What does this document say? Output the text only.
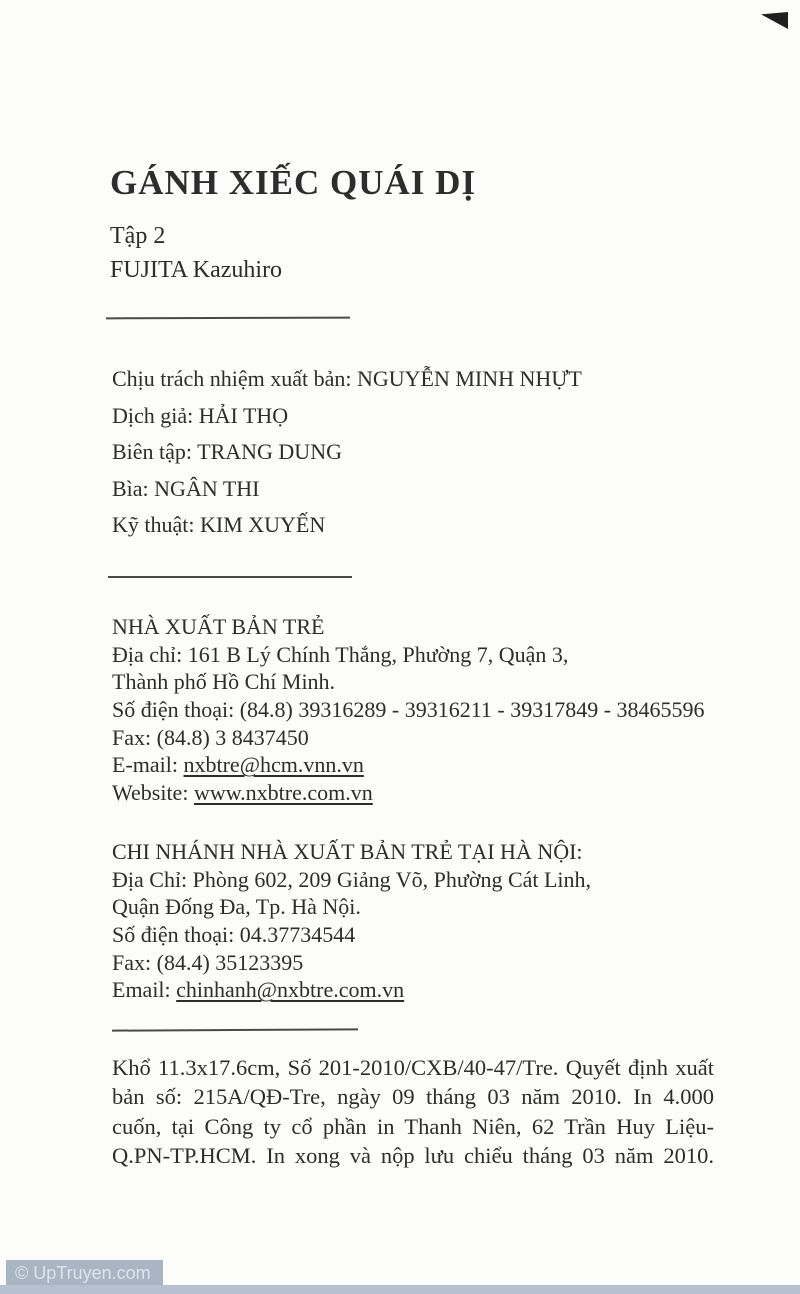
GÁNH XIẾC QUÁI DỊ
Tập 2
FUJITA Kazuhiro
Chịu trách nhiệm xuất bản: NGUYỄN MINH NHỰT
Dịch giả: HẢI THỌ
Biên tập: TRANG DUNG
Bìa: NGÂN THI
Kỹ thuật: KIM XUYẾN
NHÀ XUẤT BẢN TRẺ
Địa chỉ: 161 B Lý Chính Thắng, Phường 7, Quận 3,
Thành phố Hồ Chí Minh.
Số điện thoại: (84.8) 39316289 - 39316211 - 39317849 - 38465596
Fax: (84.8) 3 8437450
E-mail: nxbtre@hcm.vnn.vn
Website: www.nxbtre.com.vn
CHI NHÁNH NHÀ XUẤT BẢN TRẺ TẠI HÀ NỘI:
Địa Chỉ: Phòng 602, 209 Giảng Võ, Phường Cát Linh,
Quận Đống Đa, Tp. Hà Nội.
Số điện thoại: 04.37734544
Fax: (84.4) 35123395
Email: chinhanh@nxbtre.com.vn
Khổ 11.3x17.6cm, Số 201-2010/CXB/40-47/Tre. Quyết định xuất
bản số: 215A/QĐ-Tre, ngày 09 tháng 03 năm 2010. In 4.000
cuốn, tại Công ty cổ phần in Thanh Niên, 62 Trần Huy Liệu-
Q.PN-TP.HCM. In xong và nộp lưu chiểu tháng 03 năm 2010.
© UpTruyen.com
